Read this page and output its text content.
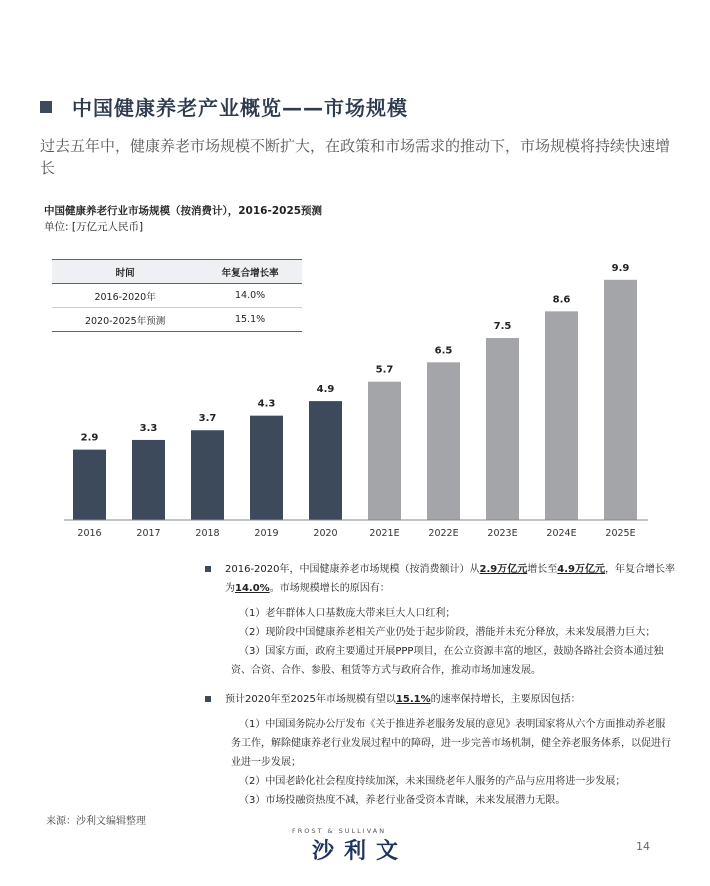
中国健康养老产业概览——市场规模
过去五年中，健康养老市场规模不断扩大，在政策和市场需求的推动下，市场规模将持续快速增长
中国健康养老行业市场规模（按消费计），2016-2025预测
单位: [万亿元人民币]
2.9
2016
3.3
2017
3.7
2018
4.3
2019
4.9
2020
5.7
2021E
6.5
2022E
7.5
2023E
8.6
2024E
9.9
2025E
时间	年复合增长率
2016-2020年	14.0%
2020-2025年预测	15.1%
2016-2020年，中国健康养老市场规模（按消费额计）从2.9万亿元增长至4.9万亿元，年复合增长率为14.0%。市场规模增长的原因有：
（1）老年群体人口基数庞大带来巨大人口红利；
（2）现阶段中国健康养老相关产业仍处于起步阶段，潜能并未充分释放，未来发展潜力巨大；
（3）国家方面，政府主要通过开展PPP项目，在公立资源丰富的地区，鼓励各路社会资本通过独资、合资、合作、参股、租赁等方式与政府合作，推动市场加速发展。
预计2020年至2025年市场规模有望以15.1%的速率保持增长，主要原因包括：
（1）中国国务院办公厅发布《关于推进养老服务发展的意见》表明国家将从六个方面推动养老服务工作，解除健康养老行业发展过程中的障碍，进一步完善市场机制，健全养老服务体系，以促进行业进一步发展；
（2）中国老龄化社会程度持续加深，未来围绕老年人服务的产品与应用将进一步发展；
（3）市场投融资热度不减，养老行业备受资本青睐，未来发展潜力无限。
来源：沙利文编辑整理
FROST & SULLIVAN
沙利文	14
